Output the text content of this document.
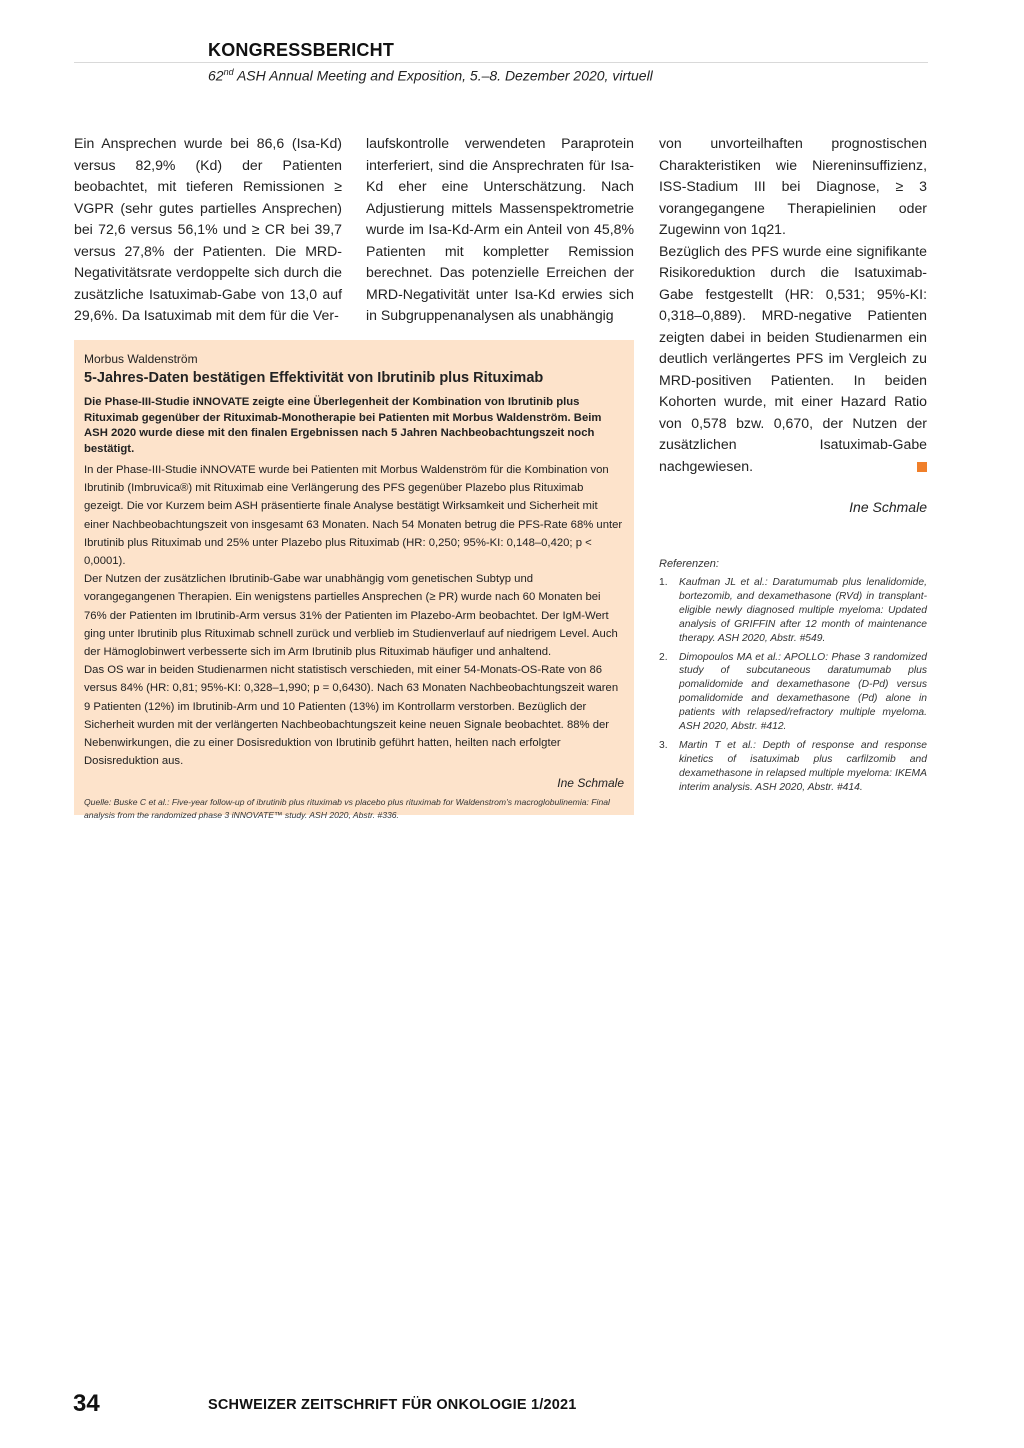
KONGRESSBERICHT
62nd ASH Annual Meeting and Exposition, 5.–8. Dezember 2020, virtuell

Ein Ansprechen wurde bei 86,6 (Isa-Kd) versus 82,9% (Kd) der Patienten beobachtet, mit tieferen Remissionen ≥ VGPR (sehr gutes partielles Ansprechen) bei 72,6 versus 56,1% und ≥ CR bei 39,7 versus 27,8% der Patienten. Die MRD-Negativitätsrate verdoppelte sich durch die zusätzliche Isatuximab-Gabe von 13,0 auf 29,6%. Da Isatuximab mit dem für die Ver-

laufskontrolle verwendeten Paraprotein interferiert, sind die Ansprechraten für Isa-Kd eher eine Unterschätzung. Nach Adjustierung mittels Massenspektrometrie wurde im Isa-Kd-Arm ein Anteil von 45,8% Patienten mit kompletter Remission berechnet. Das potenzielle Erreichen der MRD-Negativität unter Isa-Kd erwies sich in Subgruppenanalysen als unabhängig

von unvorteilhaften prognostischen Charakteristiken wie Niereninsuffizienz, ISS-Stadium III bei Diagnose, ≥ 3 vorangegangene Therapielinien oder Zugewinn von 1q21.

Bezüglich des PFS wurde eine signifikante Risikoreduktion durch die Isatuximab-Gabe festgestellt (HR: 0,531; 95%-KI: 0,318–0,889). MRD-negative Patienten zeigten dabei in beiden Studienarmen ein deutlich verlängertes PFS im Vergleich zu MRD-positiven Patienten. In beiden Kohorten wurde, mit einer Hazard Ratio von 0,578 bzw. 0,670, der Nutzen der zusätzlichen Isatuximab-Gabe nachgewiesen.

Ine Schmale
Morbus Waldenström
5-Jahres-Daten bestätigen Effektivität von Ibrutinib plus Rituximab
Die Phase-III-Studie iNNOVATE zeigte eine Überlegenheit der Kombination von Ibrutinib plus Rituximab gegenüber der Rituximab-Monotherapie bei Patienten mit Morbus Waldenström. Beim ASH 2020 wurde diese mit den finalen Ergebnissen nach 5 Jahren Nachbeobachtungszeit noch bestätigt.

In der Phase-III-Studie iNNOVATE wurde bei Patienten mit Morbus Waldenström für die Kombination von Ibrutinib (Imbruvica®) mit Rituximab eine Verlängerung des PFS gegenüber Plazebo plus Rituximab gezeigt. Die vor Kurzem beim ASH präsentierte finale Analyse bestätigt Wirksamkeit und Sicherheit mit einer Nachbeobachtungszeit von insgesamt 63 Monaten. Nach 54 Monaten betrug die PFS-Rate 68% unter Ibrutinib plus Rituximab und 25% unter Plazebo plus Rituximab (HR: 0,250; 95%-KI: 0,148–0,420; p < 0,0001).

Der Nutzen der zusätzlichen Ibrutinib-Gabe war unabhängig vom genetischen Subtyp und vorangegangenen Therapien. Ein wenigstens partielles Ansprechen (≥ PR) wurde nach 60 Monaten bei 76% der Patienten im Ibrutinib-Arm versus 31% der Patienten im Plazebo-Arm beobachtet. Der IgM-Wert ging unter Ibrutinib plus Rituximab schnell zurück und verblieb im Studienverlauf auf niedrigem Level. Auch der Hämoglobinwert verbesserte sich im Arm Ibrutinib plus Rituximab häufiger und anhaltend.

Das OS war in beiden Studienarmen nicht statistisch verschieden, mit einer 54-Monats-OS-Rate von 86 versus 84% (HR: 0,81; 95%-KI: 0,328–1,990; p = 0,6430). Nach 63 Monaten Nachbeobachtungszeit waren 9 Patienten (12%) im Ibrutinib-Arm und 10 Patienten (13%) im Kontrollarm verstorben. Bezüglich der Sicherheit wurden mit der verlängerten Nachbeobachtungszeit keine neuen Signale beobachtet. 88% der Nebenwirkungen, die zu einer Dosisreduktion von Ibrutinib geführt hatten, heilten nach erfolgter Dosisreduktion aus.

Ine Schmale
Quelle: Buske C et al.: Five-year follow-up of ibrutinib plus rituximab vs placebo plus rituximab for Waldenstrom's macroglobulinemia: Final analysis from the randomized phase 3 iNNOVATE™ study. ASH 2020, Abstr. #336.
Referenzen:
1. Kaufman JL et al.: Daratumumab plus lenalidomide, bortezomib, and dexamethasone (RVd) in transplant-eligible newly diagnosed multiple myeloma: Updated analysis of GRIFFIN after 12 month of maintenance therapy. ASH 2020, Abstr. #549.
2. Dimopoulos MA et al.: APOLLO: Phase 3 randomized study of subcutaneous daratumumab plus pomalidomide and dexamethasone (D-Pd) versus pomalidomide and dexamethasone (Pd) alone in patients with relapsed/refractory multiple myeloma. ASH 2020, Abstr. #412.
3. Martin T et al.: Depth of response and response kinetics of isatuximab plus carfilzomib and dexamethasone in relapsed multiple myeloma: IKEMA interim analysis. ASH 2020, Abstr. #414.
34	SCHWEIZER ZEITSCHRIFT FÜR ONKOLOGIE 1/2021
